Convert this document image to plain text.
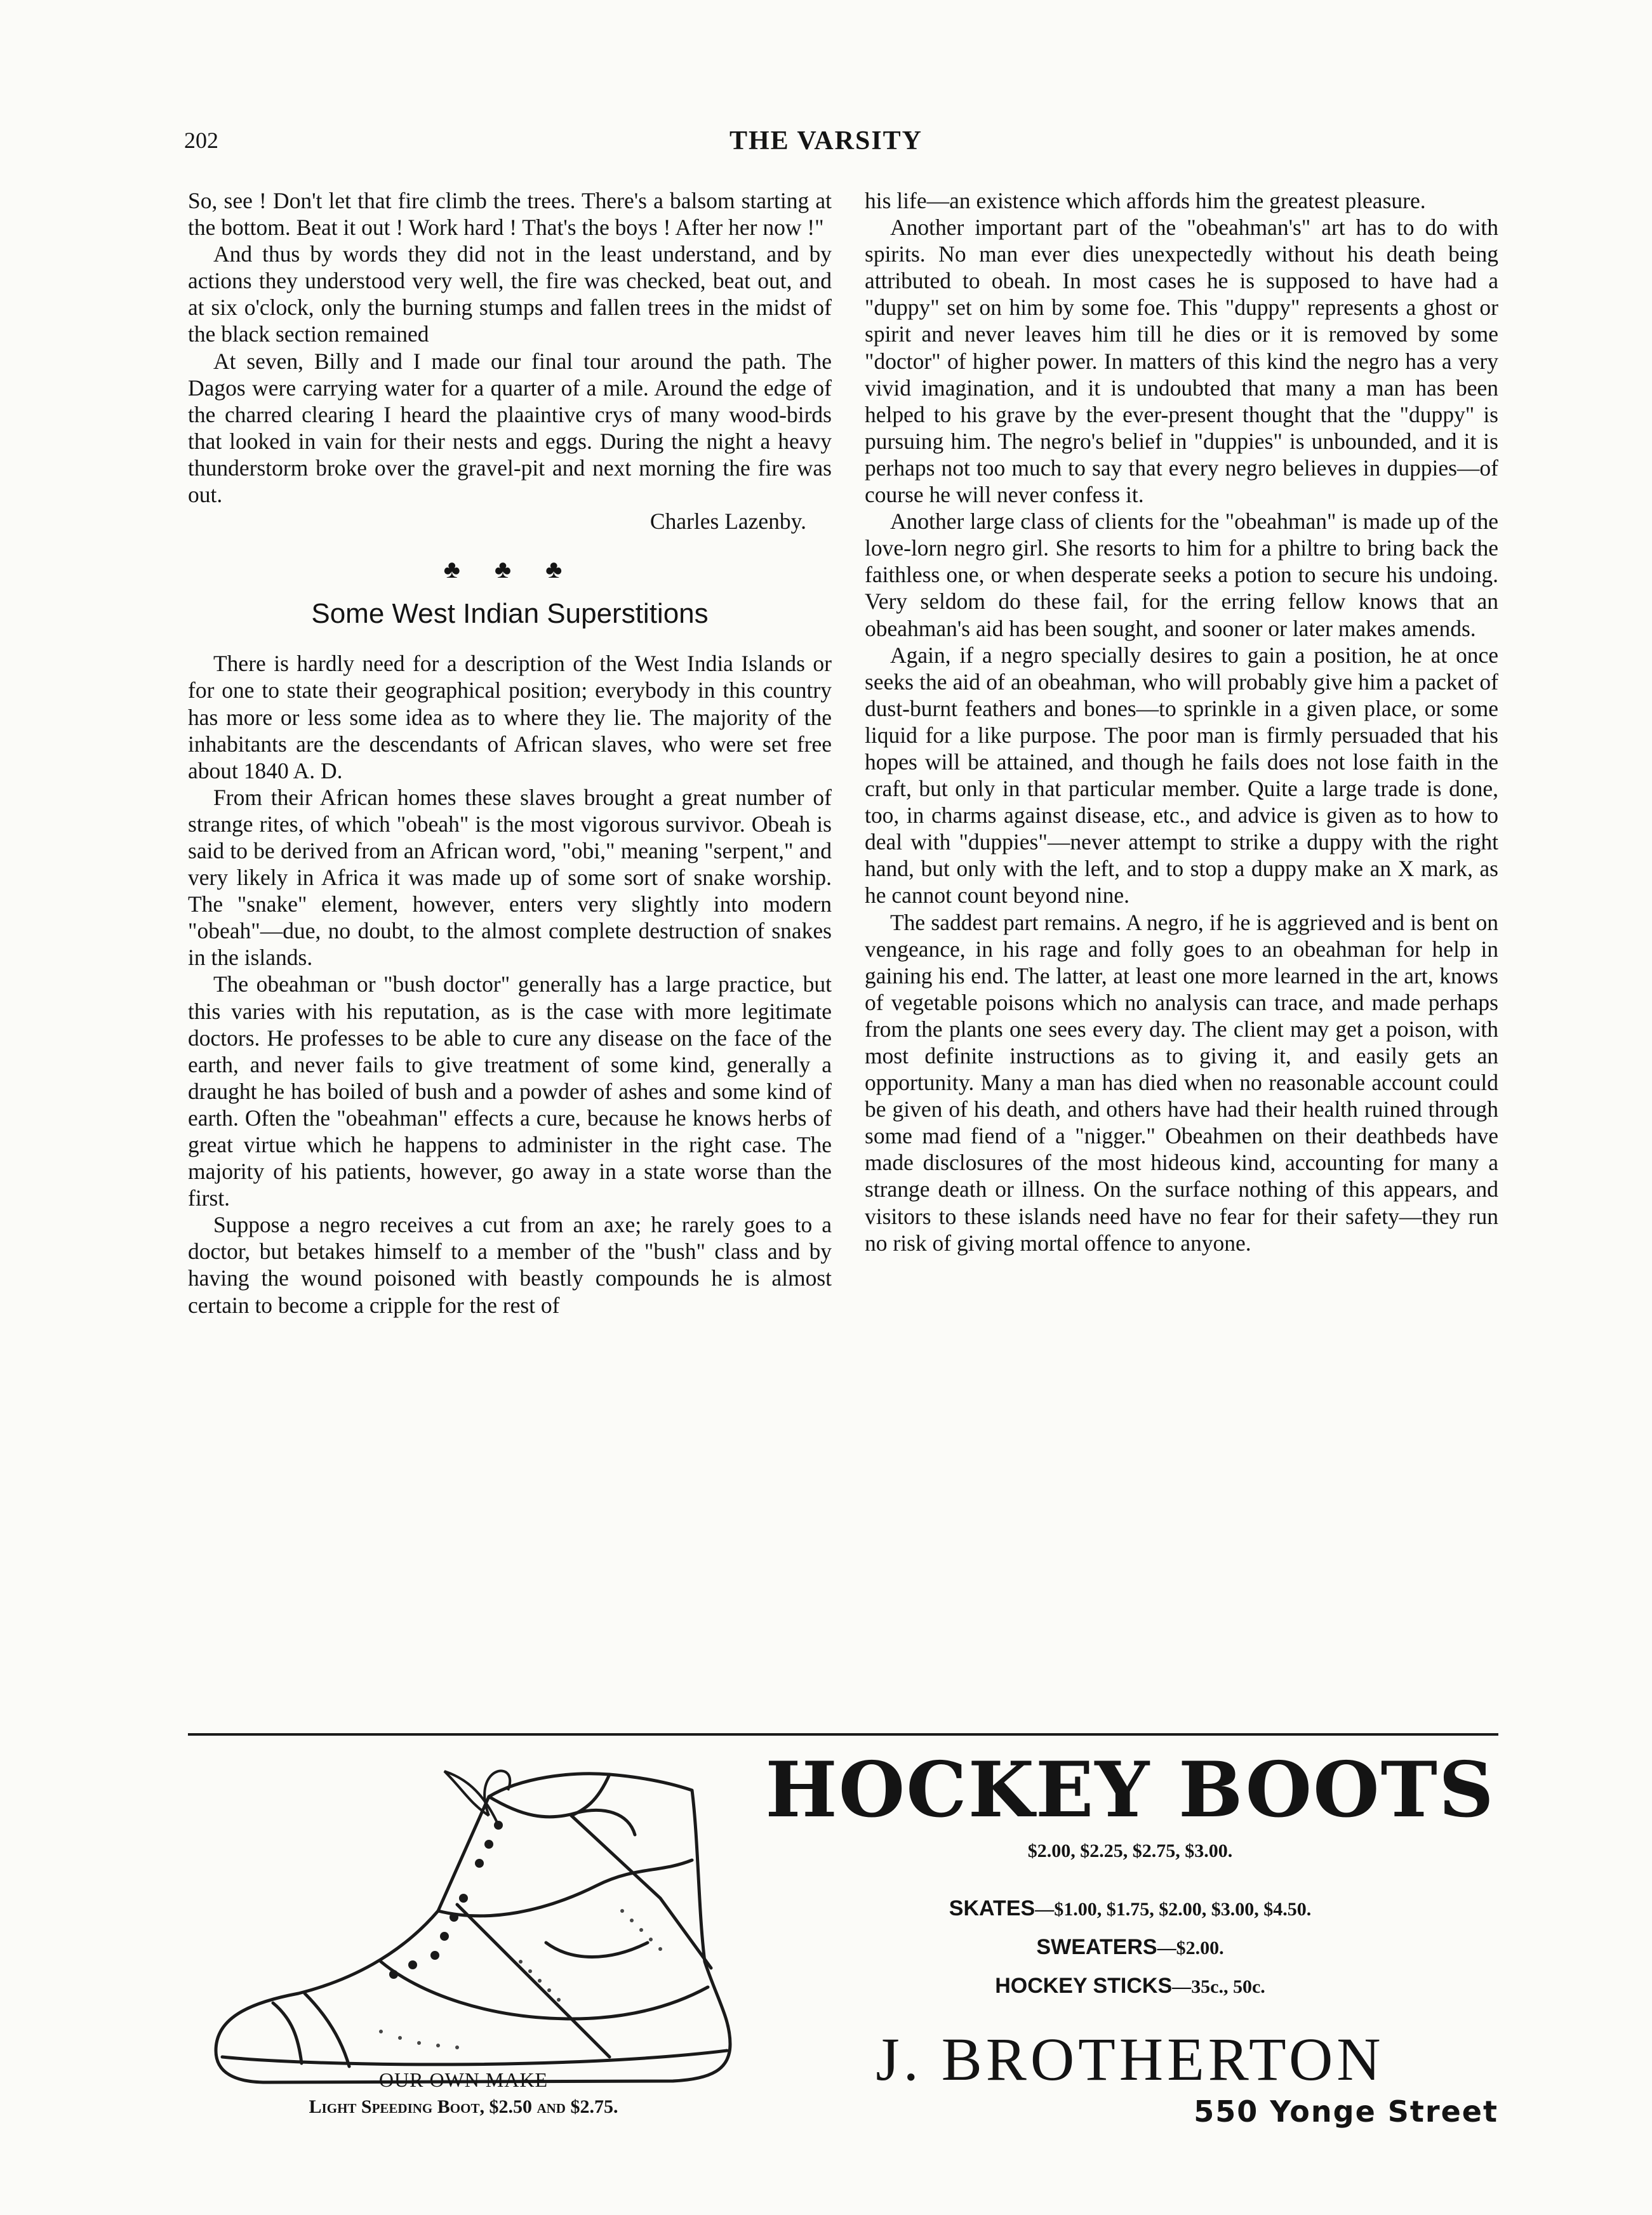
202	THE VARSITY

So, see ! Don't let that fire climb the trees. There's a balsom starting at the bottom. Beat it out ! Work hard ! That's the boys ! After her now !"

And thus by words they did not in the least understand, and by actions they understood very well, the fire was checked, beat out, and at six o'clock, only the burning stumps and fallen trees in the midst of the black section remained

At seven, Billy and I made our final tour around the path. The Dagos were carrying water for a quarter of a mile. Around the edge of the charred clearing I heard the plaaintive crys of many wood-birds that looked in vain for their nests and eggs. During the night a heavy thunderstorm broke over the gravel-pit and next morning the fire was out.

Charles Lazenby.

♣ ♣ ♣
Some West Indian Superstitions

There is hardly need for a description of the West India Islands or for one to state their geographical position; everybody in this country has more or less some idea as to where they lie. The majority of the inhabitants are the descendants of African slaves, who were set free about 1840 A. D.

From their African homes these slaves brought a great number of strange rites, of which "obeah" is the most vigorous survivor. Obeah is said to be derived from an African word, "obi," meaning "serpent," and very likely in Africa it was made up of some sort of snake worship. The "snake" element, however, enters very slightly into modern "obeah"—due, no doubt, to the almost complete destruction of snakes in the islands.

The obeahman or "bush doctor" generally has a large practice, but this varies with his reputation, as is the case with more legitimate doctors. He professes to be able to cure any disease on the face of the earth, and never fails to give treatment of some kind, generally a draught he has boiled of bush and a powder of ashes and some kind of earth. Often the "obeahman" effects a cure, because he knows herbs of great virtue which he happens to administer in the right case. The majority of his patients, however, go away in a state worse than the first.

Suppose a negro receives a cut from an axe; he rarely goes to a doctor, but betakes himself to a member of the "bush" class and by having the wound poisoned with beastly compounds he is almost certain to become a cripple for the rest of

his life—an existence which affords him the greatest pleasure.

Another important part of the "obeahman's" art has to do with spirits. No man ever dies unexpectedly without his death being attributed to obeah. In most cases he is supposed to have had a "duppy" set on him by some foe. This "duppy" represents a ghost or spirit and never leaves him till he dies or it is removed by some "doctor" of higher power. In matters of this kind the negro has a very vivid imagination, and it is undoubted that many a man has been helped to his grave by the ever-present thought that the "duppy" is pursuing him. The negro's belief in "duppies" is unbounded, and it is perhaps not too much to say that every negro believes in duppies—of course he will never confess it.

Another large class of clients for the "obeahman" is made up of the love-lorn negro girl. She resorts to him for a philtre to bring back the faithless one, or when desperate seeks a potion to secure his undoing. Very seldom do these fail, for the erring fellow knows that an obeahman's aid has been sought, and sooner or later makes amends.

Again, if a negro specially desires to gain a position, he at once seeks the aid of an obeahman, who will probably give him a packet of dust-burnt feathers and bones—to sprinkle in a given place, or some liquid for a like purpose. The poor man is firmly persuaded that his hopes will be attained, and though he fails does not lose faith in the craft, but only in that particular member. Quite a large trade is done, too, in charms against disease, etc., and advice is given as to how to deal with "duppies"—never attempt to strike a duppy with the right hand, but only with the left, and to stop a duppy make an X mark, as he cannot count beyond nine.

The saddest part remains. A negro, if he is aggrieved and is bent on vengeance, in his rage and folly goes to an obeahman for help in gaining his end. The latter, at least one more learned in the art, knows of vegetable poisons which no analysis can trace, and made perhaps from the plants one sees every day. The client may get a poison, with most definite instructions as to giving it, and easily gets an opportunity. Many a man has died when no reasonable account could be given of his death, and others have had their health ruined through some mad fiend of a "nigger." Obeahmen on their deathbeds have made disclosures of the most hideous kind, accounting for many a strange death or illness. On the surface nothing of this appears, and visitors to these islands need have no fear for their safety—they run no risk of giving mortal offence to anyone.

OUR OWN MAKE
Light Speeding Boot, $2.50 and $2.75.
HOCKEY BOOTS
$2.00, $2.25, $2.75, $3.00.
SKATES—$1.00, $1.75, $2.00, $3.00, $4.50.
SWEATERS—$2.00.
HOCKEY STICKS—35c., 50c.
J. BROTHERTON
550 Yonge Street
